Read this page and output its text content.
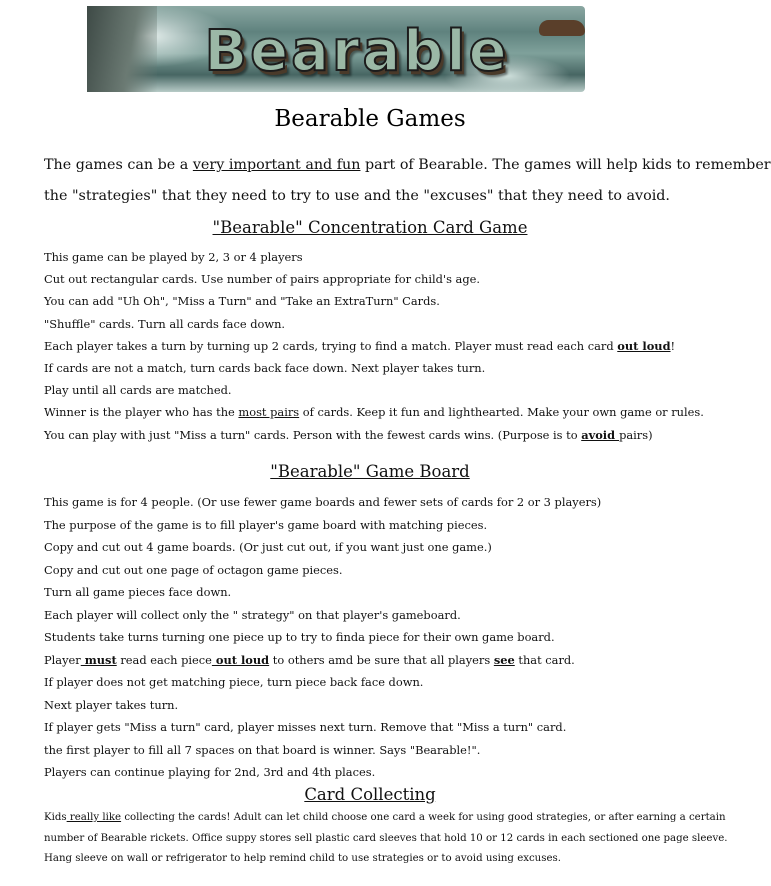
Bearable
Bearable Games

The games can be a very important and fun part of Bearable. The games will help kids to remember

the "strategies" that they need to try to use and the "excuses" that they need to avoid.

"Bearable" Concentration Card Game
This game can be played by 2, 3 or 4 players
Cut out rectangular cards. Use number of pairs appropriate for child's age.
You can add "Uh Oh", "Miss a Turn" and "Take an ExtraTurn" Cards.
"Shuffle" cards. Turn all cards face down.
Each player takes a turn by turning up 2 cards, trying to find a match. Player must read each card out loud!
If cards are not a match, turn cards back face down. Next player takes turn.
Play until all cards are matched.
Winner is the player who has the most pairs of cards. Keep it fun and lighthearted. Make your own game or rules.
You can play with just "Miss a turn" cards. Person with the fewest cards wins. (Purpose is to avoid pairs)
"Bearable" Game Board
This game is for 4 people. (Or use fewer game boards and fewer sets of cards for 2 or 3 players)
The purpose of the game is to fill player's game board with matching pieces.
Copy and cut out 4 game boards. (Or just cut out, if you want just one game.)
Copy and cut out one page of octagon game pieces.
Turn all game pieces face down.
Each player will collect only the " strategy" on that player's gameboard.
Students take turns turning one piece up to try to finda piece for their own game board.
Player must read each piece out loud to others amd be sure that all players see that card.
If player does not get matching piece, turn piece back face down.
Next player takes turn.
If player gets "Miss a turn" card, player misses next turn. Remove that "Miss a turn" card.
the first player to fill all 7 spaces on that board is winner. Says "Bearable!".
Players can continue playing for 2nd, 3rd and 4th places.
Card Collecting
Kids really like collecting the cards! Adult can let child choose one card a week for using good strategies, or after earning a certain
number of Bearable rickets. Office suppy stores sell plastic card sleeves that hold 10 or 12 cards in each sectioned one page sleeve.
Hang sleeve on wall or refrigerator to help remind child to use strategies or to avoid using excuses.
